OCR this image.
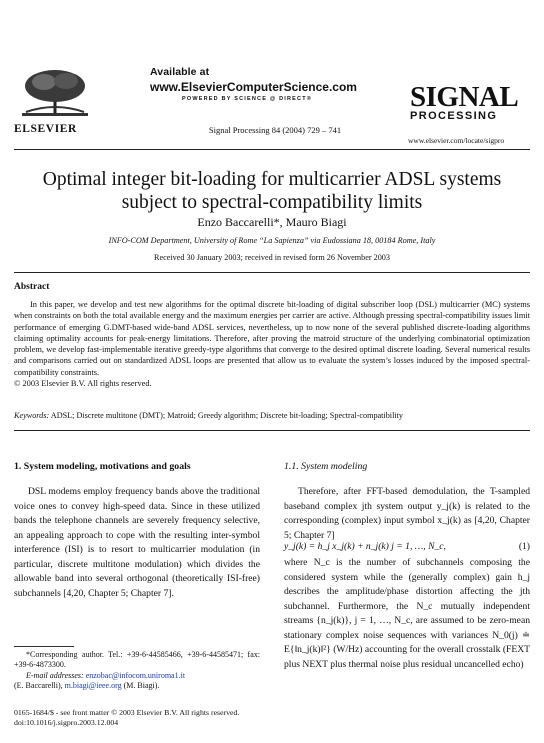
ELSEVIER
Available at
www.ElsevierComputerScience.com
POWERED BY SCIENCE @ DIRECT®
Signal Processing 84 (2004) 729 – 741
SIGNAL
PROCESSING
www.elsevier.com/locate/sigpro
Optimal integer bit-loading for multicarrier ADSL systems
subject to spectral-compatibility limits
Enzo Baccarelli*, Mauro Biagi
INFO-COM Department, University of Rome “La Sapienza” via Eudossiana 18, 00184 Rome, Italy
Received 30 January 2003; received in revised form 26 November 2003
Abstract
In this paper, we develop and test new algorithms for the optimal discrete bit-loading of digital subscriber loop (DSL) multicarrier (MC) systems when constraints on both the total available energy and the maximum energies per carrier are active. Although pressing spectral-compatibility issues limit performance of emerging G.DMT-based wide-band ADSL services, nevertheless, up to now none of the several published discrete-loading algorithms claiming optimality accounts for peak-energy limitations. Therefore, after proving the matroid structure of the underlying combinatorial optimization problem, we develop fast-implementable iterative greedy-type algorithms that converge to the desired optimal discrete loading. Several numerical results and comparisons carried out on standardized ADSL loops are presented that allow us to evaluate the system’s losses induced by the imposed spectral-compatibility constraints.
© 2003 Elsevier B.V. All rights reserved.
Keywords: ADSL; Discrete multitone (DMT); Matroid; Greedy algorithm; Discrete bit-loading; Spectral-compatibility
1. System modeling, motivations and goals
DSL modems employ frequency bands above the traditional voice ones to convey high-speed data. Since in these utilized bands the telephone channels are severely frequency selective, an appealing approach to cope with the resulting inter-symbol interference (ISI) is to resort to multicarrier modulation (in particular, discrete multitone modulation) which divides the allowable band into several orthogonal (theoretically ISI-free) subchannels [4,20, Chapter 5; Chapter 7].
*Corresponding author. Tel.: +39-6-44585466, +39-6-44585471; fax: +39-6-4873300.
E-mail addresses: enzobac@infocom.uniroma1.it
(E. Baccarelli), m.biagi@ieee.org (M. Biagi).
1.1. System modeling
Therefore, after FFT-based demodulation, the T-sampled baseband complex jth system output y_j(k) is related to the corresponding (complex) input symbol x_j(k) as [4,20, Chapter 5; Chapter 7]
y_j(k) = h_j x_j(k) + n_j(k) j = 1, …, N_c,	(1)
where N_c is the number of subchannels composing the considered system while the (generally complex) gain h_j describes the amplitude/phase distortion affecting the jth subchannel. Furthermore, the N_c mutually independent streams {n_j(k)}, j = 1, …, N_c, are assumed to be zero-mean stationary complex noise sequences with variances N_0(j) ≐ E{‖n_j(k)‖²} (W/Hz) accounting for the overall crosstalk (FEXT plus NEXT plus thermal noise plus residual uncancelled echo)
0165-1684/$ - see front matter © 2003 Elsevier B.V. All rights reserved.
doi:10.1016/j.sigpro.2003.12.004
